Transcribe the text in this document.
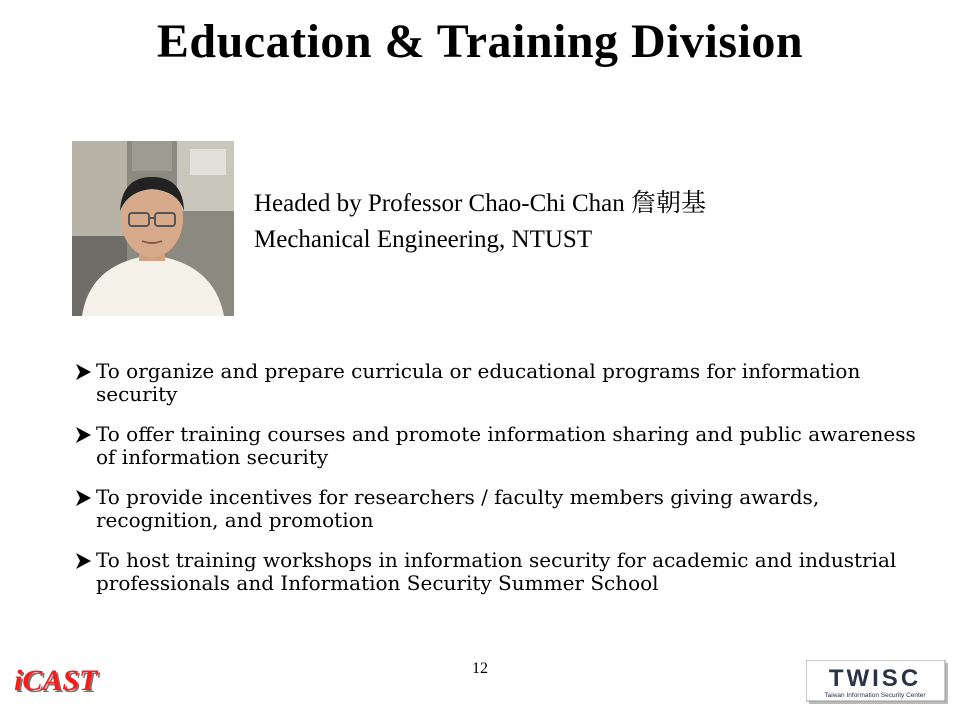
Education & Training Division
Headed by Professor Chao-Chi Chan 詹朝基
Mechanical Engineering, NTUST
To organize and prepare curricula or educational programs for information security
To offer training courses and promote information sharing and public awareness of information security
To provide incentives for researchers / faculty members giving awards, recognition, and promotion
To host training workshops in information security for academic and industrial professionals and Information Security Summer School
12
iCAST	TWISC
Taiwan Information Security Center
